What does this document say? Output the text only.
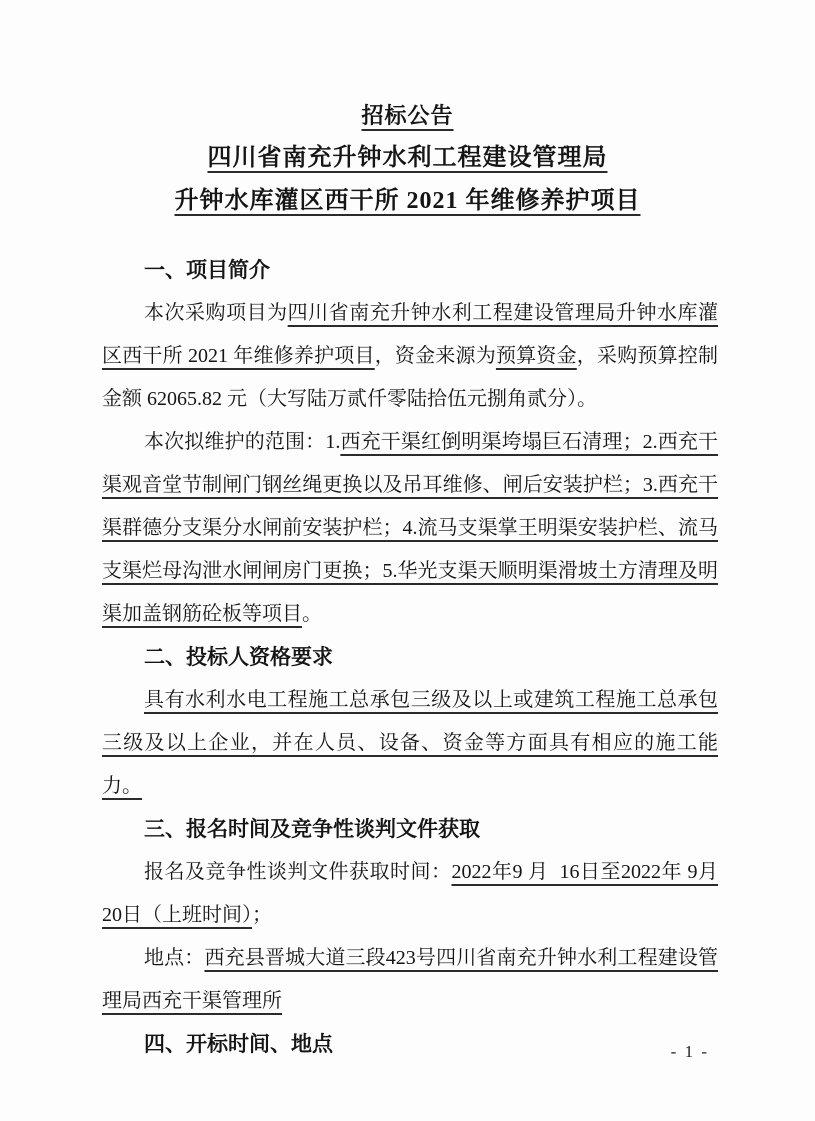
招标公告
四川省南充升钟水利工程建设管理局
升钟水库灌区西干所 2021 年维修养护项目
一、项目简介

本次采购项目为四川省南充升钟水利工程建设管理局升钟水库灌区西干所 2021 年维修养护项目，资金来源为预算资金，采购预算控制金额 62065.82 元（大写陆万贰仟零陆拾伍元捌角贰分）。

本次拟维护的范围：1.西充干渠红倒明渠垮塌巨石清理；2.西充干渠观音堂节制闸门钢丝绳更换以及吊耳维修、闸后安装护栏；3.西充干渠群德分支渠分水闸前安装护栏；4.流马支渠掌王明渠安装护栏、流马支渠烂母沟泄水闸闸房门更换；5.华光支渠天顺明渠滑坡土方清理及明渠加盖钢筋砼板等项目。

二、投标人资格要求

具有水利水电工程施工总承包三级及以上或建筑工程施工总承包三级及以上企业，并在人员、设备、资金等方面具有相应的施工能力。

三、报名时间及竞争性谈判文件获取

报名及竞争性谈判文件获取时间：2022年9 月  16日至2022年 9月20日（上班时间）；

地点：西充县晋城大道三段423号四川省南充升钟水利工程建设管理局西充干渠管理所

四、开标时间、地点	- 1 -
